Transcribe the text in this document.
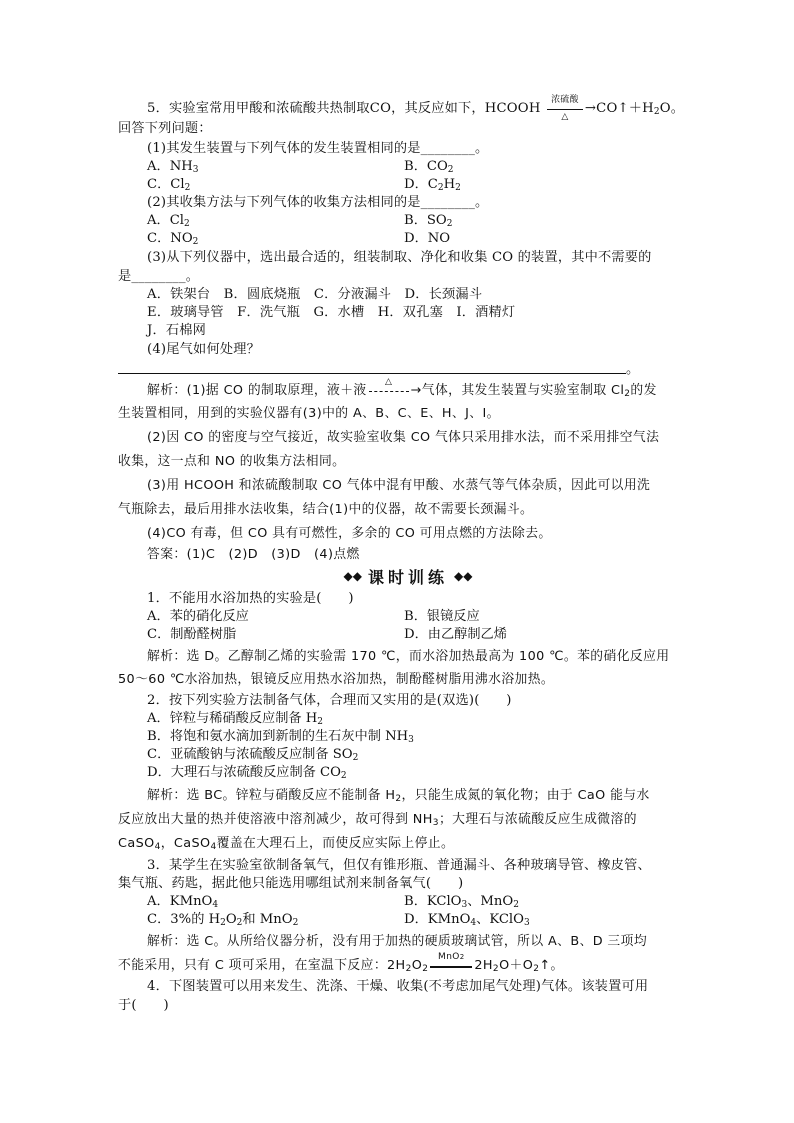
5．实验室常用甲酸和浓硫酸共热制取CO，其反应如下，HCOOH
浓硫酸
△
$\to CO↑+H_2O$。
回答下列问题：
(1)其发生装置与下列气体的发生装置相同的是________。
A．$NH_3$	B．$CO_2$
C．$Cl_2$	D．$C_2H_2$
(2)其收集方法与下列气体的收集方法相同的是________。
A．$Cl_2$	B．$SO_2$
C．$NO_2$	D．NO
(3)从下列仪器中，选出最合适的，组装制取、净化和收集 CO 的装置，其中不需要的
是________。
A．铁架台　B．圆底烧瓶　C．分液漏斗　D．长颈漏斗
E．玻璃导管　F．洗气瓶　G．水槽　H．双孔塞　I．酒精灯
J．石棉网
(4)尾气如何处理？
。
解析：(1)据 CO 的制取原理，液＋液
△
→气体，其发生装置与实验室制取 $Cl_2$的发
生装置相同，用到的实验仪器有(3)中的 A、B、C、E、H、J、I。
(2)因 CO 的密度与空气接近，故实验室收集 CO 气体只采用排水法，而不采用排空气法
收集，这一点和 NO 的收集方法相同。
(3)用 HCOOH 和浓硫酸制取 CO 气体中混有甲酸、水蒸气等气体杂质，因此可以用洗
气瓶除去，最后用排水法收集，结合(1)中的仪器，故不需要长颈漏斗。
(4)CO 有毒，但 CO 具有可燃性，多余的 CO 可用点燃的方法除去。
答案：(1)C　(2)D　(3)D　(4)点燃
◆◆ 课时训练 ◆◆
1．不能用水浴加热的实验是(　　)
A．苯的硝化反应	B．银镜反应
C．制酚醛树脂	D．由乙醇制乙烯
解析：选 D。乙醇制乙烯的实验需 170 ℃，而水浴加热最高为 100 ℃。苯的硝化反应用
50～60 ℃水浴加热，银镜反应用热水浴加热，制酚醛树脂用沸水浴加热。
2．按下列实验方法制备气体，合理而又实用的是(双选)(　　)
A．锌粒与稀硝酸反应制备 $H_2$
B．将饱和氨水滴加到新制的生石灰中制 $NH_3$
C．亚硫酸钠与浓硫酸反应制备 $SO_2$
D．大理石与浓硫酸反应制备 $CO_2$
解析：选 BC。锌粒与硝酸反应不能制备 $H_2$，只能生成氮的氧化物；由于 CaO 能与水
反应放出大量的热并使溶液中溶剂减少，故可得到 $NH_3$；大理石与浓硫酸反应生成微溶的
CaSO$_4$，CaSO$_4$覆盖在大理石上，而使反应实际上停止。
3．某学生在实验室欲制备氧气，但仅有锥形瓶、普通漏斗、各种玻璃导管、橡皮管、
集气瓶、药匙，据此他只能选用哪组试剂来制备氧气(　　)
A．KMnO$_4$	B．KClO$_3$、MnO$_2$
C．3%的 $H_2O_2$和 MnO$_2$	D．KMnO$_4$、KClO$_3$
解析：选 C。从所给仪器分析，没有用于加热的硬质玻璃试管，所以 A、B、D 三项均
不能采用，只有 C 项可采用，在室温下反应：$2H_2O_2$
MnO2
$2H_2O+O_2↑$。
4．下图装置可以用来发生、洗涤、干燥、收集(不考虑加尾气处理)气体。该装置可用
于(　　)
